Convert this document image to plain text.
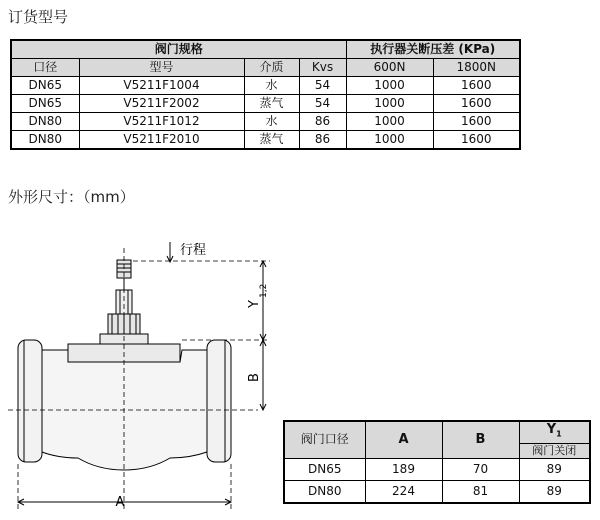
订货型号
阀门规格				执行器关断压差 (KPa)	
口径	型号	介质	Kvs	600N	1800N
DN65	V5211F1004	水	54	1000	1600
DN65	V5211F2002	蒸气	54	1000	1600
DN80	V5211F1012	水	86	1000	1600
DN80	V5211F2010	蒸气	86	1000	1600
外形尺寸：（mm）
行程
Y
1,2
B
A
阀门口径	A	B	$Y_1$
			阀门关闭
DN65	189	70	89
DN80	224	81	89
